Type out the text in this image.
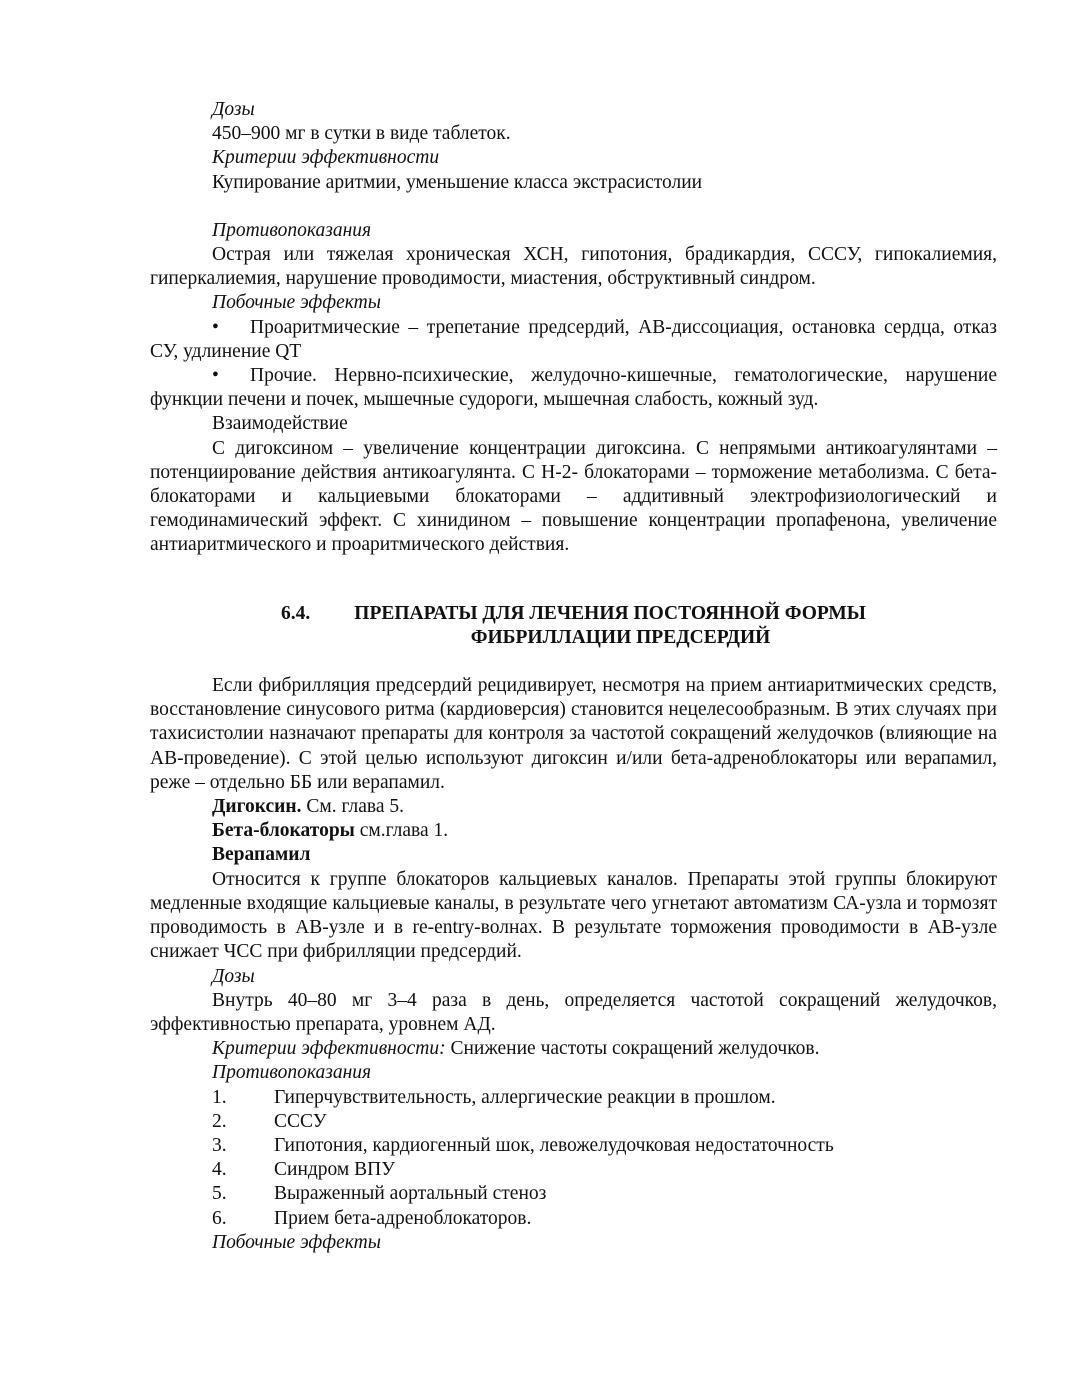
Дозы

450–900 мг в сутки в виде таблеток.

Критерии эффективности

Купирование аритмии, уменьшение класса экстрасистолии

Противопоказания

Острая или тяжелая хроническая ХСН, гипотония, брадикардия, СССУ, гипокалиемия, гиперкалиемия, нарушение проводимости, миастения, обструктивный синдром.

Побочные эффекты

• Проаритмические – трепетание предсердий, АВ-диссоциация, остановка сердца, отказ СУ, удлинение QT

• Прочие. Нервно-психические, желудочно-кишечные, гематологические, нарушение функции печени и почек, мышечные судороги, мышечная слабость, кожный зуд.

Взаимодействие

С дигоксином – увеличение концентрации дигоксина. С непрямыми антикоагулянтами – потенциирование действия антикоагулянта. С Н-2- блокаторами – торможение метаболизма. С бета-блокаторами и кальциевыми блокаторами – аддитивный электрофизиологический и гемодинамический эффект. С хинидином – повышение концентрации пропафенона, увеличение антиаритмического и проаритмического действия.

6.4. ПРЕПАРАТЫ ДЛЯ ЛЕЧЕНИЯ ПОСТОЯННОЙ ФОРМЫ
ФИБРИЛЛАЦИИ ПРЕДСЕРДИЙ

Если фибрилляция предсердий рецидивирует, несмотря на прием антиаритмических средств, восстановление синусового ритма (кардиоверсия) становится нецелесообразным. В этих случаях при тахисистолии назначают препараты для контроля за частотой сокращений желудочков (влияющие на АВ-проведение). С этой целью используют дигоксин и/или бета-адреноблокаторы или верапамил, реже – отдельно ББ или верапамил.

Дигоксин. См. глава 5.

Бета-блокаторы см.глава 1.

Верапамил

Относится к группе блокаторов кальциевых каналов. Препараты этой группы блокируют медленные входящие кальциевые каналы, в результате чего угнетают автоматизм СА-узла и тормозят проводимость в АВ-узле и в re-entry-волнах. В результате торможения проводимости в АВ-узле снижает ЧСС при фибрилляции предсердий.

Дозы

Внутрь 40–80 мг 3–4 раза в день, определяется частотой сокращений желудочков, эффективностью препарата, уровнем АД.

Критерии эффективности: Снижение частоты сокращений желудочков.

Противопоказания

1.	Гиперчувствительность, аллергические реакции в прошлом.
2.	СССУ
3.	Гипотония, кардиогенный шок, левожелудочковая недостаточность
4.	Синдром ВПУ
5.	Выраженный аортальный стеноз
6.	Прием бета-адреноблокаторов.

Побочные эффекты
